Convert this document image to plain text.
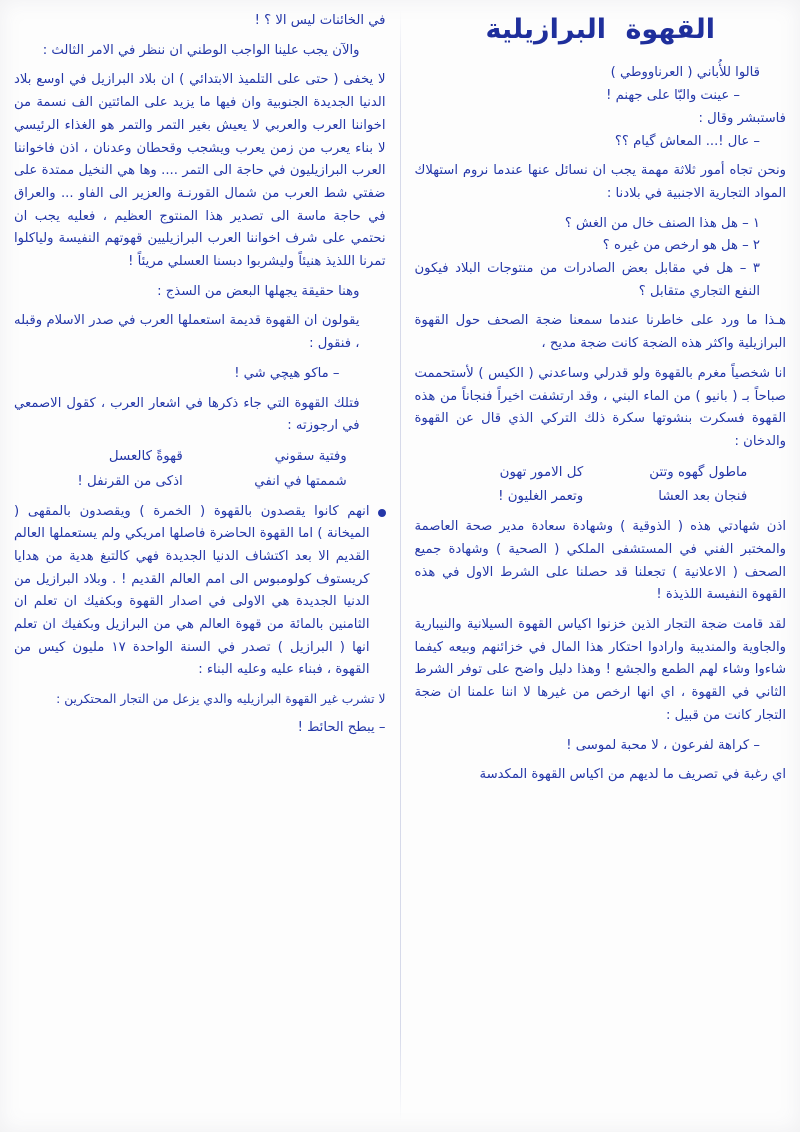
القهوة البرازيلية
قالوا للأُباني ( العرناووطي )
– عينت والبّا على جهنم !
فاستبشر وقال :
– عال !... المعاش گيام ؟؟
ونحن تجاه أمور ثلاثة مهمة يجب ان نسائل عنها عندما نروم استهلاك المواد التجارية الاجنبية في بلادنا :
١ – هل هذا الصنف خال من الغش ؟
٢ – هل هو ارخص من غيره ؟
٣ – هل في مقابل بعض الصادرات من منتوجات البلاد فيكون النفع التجاري متقابل ؟
هـذا ما ورد على خاطرنا عندما سمعنا ضجة الصحف حول القهوة البرازيلية واكثر هذه الضجة كانت ضجة مديح ،
انا شخصياً مغرم بالقهوة ولو قدرلي وساعدني ( الكيس ) لأستحممت صباحاً بـ ( بانيو ) من الماء البني ، وقد ارتشفت اخيراً فنجاناً من هذه القهوة فسكرت بنشوتها سكرة ذلك التركي الذي قال عن القهوة والدخان :
ماطول گهوه وتتن
كل الامور تهون
فنجان بعد العشا
وتعمر الغليون !
اذن شهادتي هذه ( الذوقية ) وشهادة سعادة مدير صحة العاصمة والمختبر الفني في المستشفى الملكي ( الصحية ) وشهادة جميع الصحف ( الاعلانية ) تجعلنا قد حصلنا على الشرط الاول في هذه القهوة النفيسة اللذيذة !
لقد قامت ضجة التجار الذين خزنوا اكياس القهوة السيلانية والنيبارية والجاوية والمنديبة وارادوا احتكار هذا المال في خزائنهم وبيعه كيفما شاءوا وشاء لهم الطمع والجشع ! وهذا دليل واضح على توفر الشرط الثاني في القهوة ، اي انها ارخص من غيرها لا اننا علمنا ان ضجة التجار كانت من قبيل :
– كراهة لفرعون ، لا محبة لموسى !
اي رغبة في تصريف ما لديهم من اكياس القهوة المكدسة
في الخائنات ليس الا ؟ !
والآن يجب علينا الواجب الوطني ان ننظر في الامر الثالث :
لا يخفى ( حتى على التلميذ الابتدائي ) ان بلاد البرازيل في اوسع بلاد الدنيا الجديدة الجنوبية وان فيها ما يزيد على المائتين الف نسمة من اخواننا العرب والعربي لا يعيش بغير التمر والتمر هو الغذاء الرئيسي لا بناء يعرب من زمن يعرب ويشجب وقحطان وعدنان ، اذن فاخواننا العرب البرازيليون في حاجة الى التمر .... وها هي النخيل ممتدة على ضفتي شط العرب من شمال القورنـة والعزير الى الفاو ... والعراق في حاجة ماسة الى تصدير هذا المنتوج العظيم ، فعليه يجب ان نحتمي على شرف اخواننا العرب البرازيليين قهوتهم النفيسة ولياكلوا تمرنا اللذيذ هنيئاً وليشربوا دبسنا العسلي مريئاً !
وهنا حقيقة يجهلها البعض من السذج :
يقولون ان القهوة قديمة استعملها العرب في صدر الاسلام وقبله ، فنقول :
– ماكو هيچي شي !
فتلك القهوة التي جاء ذكرها في اشعار العرب ، كقول الاصمعي في ارجوزته :
وفتية سقوني
قهوةً كالعسل
شممتها في انفي
اذكى من القرنفل !
انهم كانوا يقصدون بالقهوة ( الخمرة ) ويقصدون بالمقهى ( الميخانة ) اما القهوة الحاضرة فاصلها امريكي ولم يستعملها العالم القديم الا بعد اكتشاف الدنيا الجديدة فهي كالتبغ هدية من هدايا كريستوف كولومبوس الى امم العالم القديم ! . وبلاد البرازيل من الدنيا الجديدة هي الاولى في اصدار القهوة وبكفيك ان تعلم ان الثامنين بالمائة من قهوة العالم هي من البرازيل وبكفيك ان تعلم انها ( البرازيل ) تصدر في السنة الواحدة ١٧ مليون كيس من القهوة ، فبناء عليه وعليه البناء :
لا تشرب غير القهوة البرازيليه والدي يزعل من التجار المحتكرين :
– يبطح الحائط !
